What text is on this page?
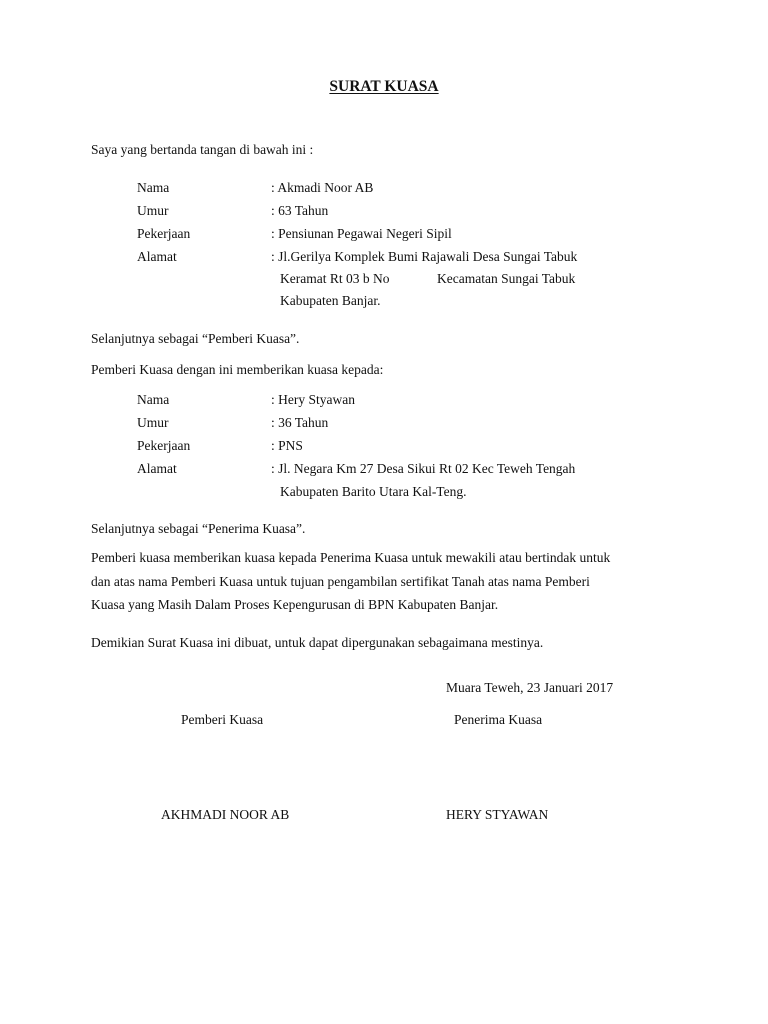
SURAT KUASA
Saya yang bertanda tangan di bawah ini :
Nama	: Akmadi Noor AB
Umur	: 63 Tahun
Pekerjaan	: Pensiunan Pegawai Negeri Sipil
Alamat	: Jl.Gerilya Komplek Bumi Rajawali Desa Sungai Tabuk
Keramat Rt 03 b No	Kecamatan Sungai Tabuk
Kabupaten Banjar.
Selanjutnya sebagai “Pemberi Kuasa”.
Pemberi Kuasa dengan ini memberikan kuasa kepada:
Nama	: Hery Styawan
Umur	: 36 Tahun
Pekerjaan	: PNS
Alamat	: Jl. Negara Km 27 Desa Sikui Rt 02 Kec Teweh Tengah
Kabupaten Barito Utara Kal-Teng.
Selanjutnya sebagai “Penerima Kuasa”.
Pemberi kuasa memberikan kuasa kepada Penerima Kuasa untuk mewakili atau bertindak untuk
dan atas nama Pemberi Kuasa untuk tujuan pengambilan sertifikat Tanah atas nama Pemberi
Kuasa yang Masih Dalam Proses Kepengurusan di BPN Kabupaten Banjar.
Demikian Surat Kuasa ini dibuat, untuk dapat dipergunakan sebagaimana mestinya.
Muara Teweh, 23 Januari 2017
Pemberi Kuasa	Penerima Kuasa
AKHMADI NOOR AB	HERY STYAWAN
